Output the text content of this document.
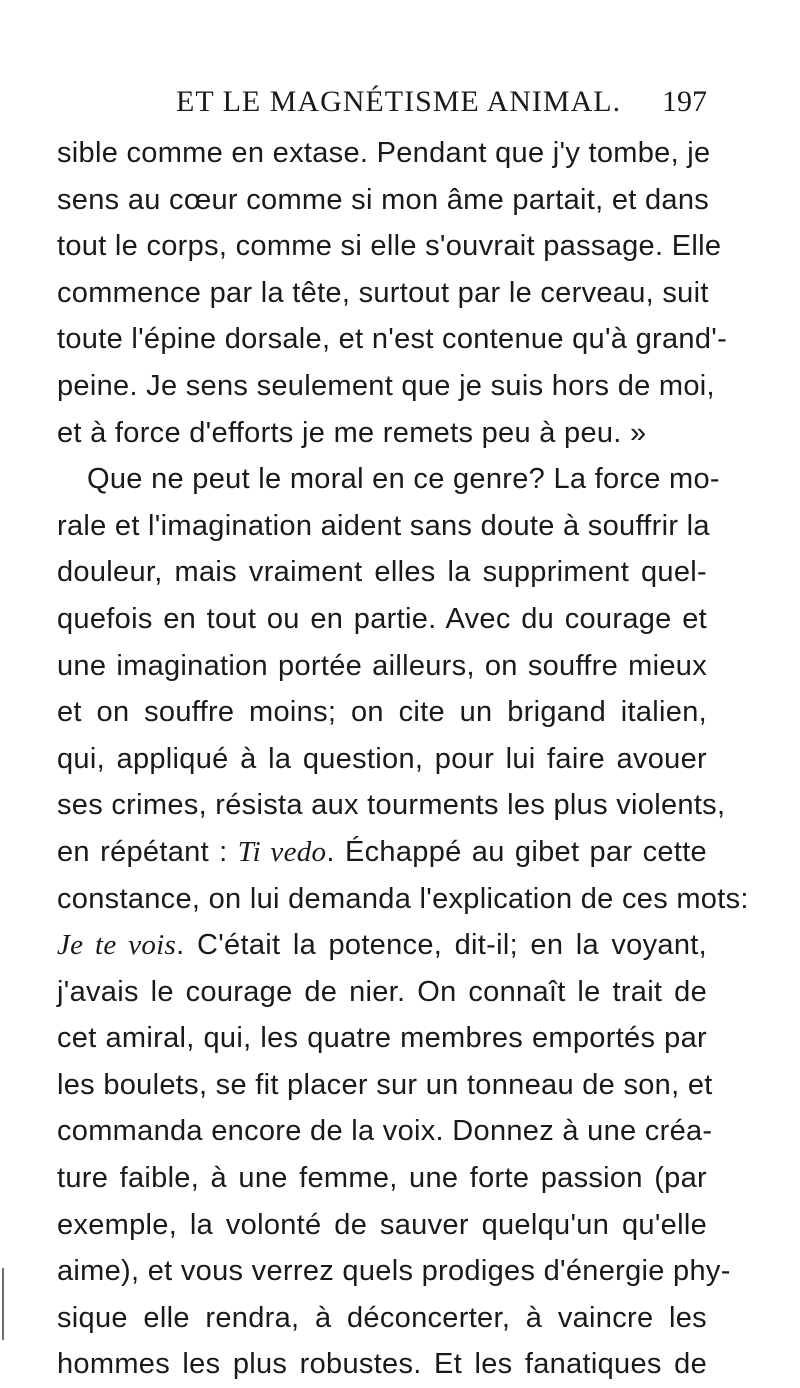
ET LE MAGNÉTISME ANIMAL. 197
sible comme en extase. Pendant que j'y tombe, je
sens au cœur comme si mon âme partait, et dans
tout le corps, comme si elle s'ouvrait passage. Elle
commence par la tête, surtout par le cerveau, suit
toute l'épine dorsale, et n'est contenue qu'à grand'-
peine. Je sens seulement que je suis hors de moi,
et à force d'efforts je me remets peu à peu. »
Que ne peut le moral en ce genre? La force mo-
rale et l'imagination aident sans doute à souffrir la
douleur, mais vraiment elles la suppriment quel-
quefois en tout ou en partie. Avec du courage et
une imagination portée ailleurs, on souffre mieux
et on souffre moins; on cite un brigand italien,
qui, appliqué à la question, pour lui faire avouer
ses crimes, résista aux tourments les plus violents,
en répétant : Ti vedo. Échappé au gibet par cette
constance, on lui demanda l'explication de ces mots:
Je te vois. C'était la potence, dit-il; en la voyant,
j'avais le courage de nier. On connaît le trait de
cet amiral, qui, les quatre membres emportés par
les boulets, se fit placer sur un tonneau de son, et
commanda encore de la voix. Donnez à une créa-
ture faible, à une femme, une forte passion (par
exemple, la volonté de sauver quelqu'un qu'elle
aime), et vous verrez quels prodiges d'énergie phy-
sique elle rendra, à déconcerter, à vaincre les
hommes les plus robustes. Et les fanatiques de
